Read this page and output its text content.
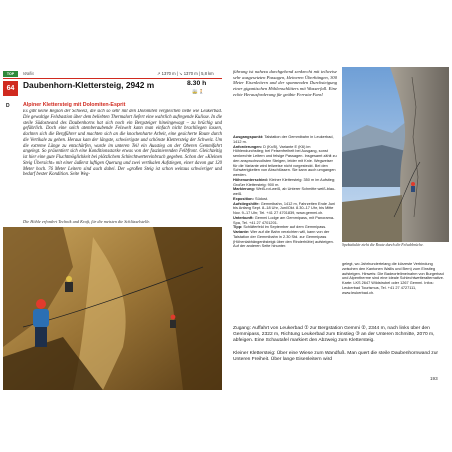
TOP	Wallis	↗ 1370 m | ↘ 1370 m | 5,8 km
64	Daubenhorn-Klettersteig, 2942 m	8.30 h
🚋 🚶
D	Alpiner Klettersteig mit Dolomiten-Esprit
Es gibt keine Region der Schweiz, die sich so sehr mit den Dolomiten vergleichen ließe wie Leukerbad. Die gewaltige Felsbastion über dem beliebten Thermalort liefert eine wahrlich aufregende Kulisse. In die steile Südostwand des Daubenhorns hat sich noch ein Bergsteiger hineingewagt – zu brüchig und gefährlich. Doch eine solch atemberaubende Felswelt kann man einfach nicht brachliegen lassen, dachten sich die Bergführer und machten sich an die knochenharte Arbeit, eine gesicherte Route durch die Vertikale zu gehen. Heraus kam der längste, schwierigste und schönste Klettersteig der Schweiz. Um die extreme Länge zu entschärfen, wurde im unteren Teil ein Ausstieg an der Oberen Gemmifahrt angelegt. So präsentiert sich eine Konditionsstarke etwas von der faszinierenden Felbfront. Gleichzeitig ist hier eine gute Fluchtmöglichkeit bei plötzlichem Schlechtwettereinbruch gegeben. Schon der »Kleinen Steig Übersicht« mit einer äußerst luftigen Querung und zwei vertikalen Aufstiegen, einer davon gut 120 Meter hoch. 76 Meter Leitern sind auch dabei. Der »großen Steig ist schon weitaus schwieriger und bedarf bester Kondition. Seite Weg-
Die Höhle erfordert Technik und Kraft, für die meisten die Schlüsselstelle.
führung ist nahezu durchgehend senkrecht mit teilweise sehr ausgesetzten Passagen, kleineren Überhängen, 300 Meter Eisenleitern und der spannenden Durchsteigung einer gigantischen Höhlenschlitters mit Wasserfall. Eine echte Herausforderung für geübte Ferrata-Fans!
Ausgangspunkt: Talstation der Gemmibahn in Leukerbad, 1412 m.
Anforderungen: D (Kx/5), Variante E (K6) im Höhlendurchstieg; bei Felsenfreiheit bei Ausgang, sonst senkrechte Leitern und felsige Passagen. Insgesamt zählt zu den anspruchsvollsten Steigen, leider mit Knie. Wegweiser für die Variante wird teilweise nicht vorgesteckt. Bei den Schwierigkeiten von Abschlüssen. Sie kann auch umgangen werden.
Höhenunterschied: Kleiner Klettersteig: 350 m im Aufstieg; Großer Klettersteig: 900 m.
Markierung: Weiß-rot-weiß, ab Unterer Schmitte weiß-blau-weiß.
Exposition: Südost.
Aufstiegshilfe: Gemmibahn, 1412 m, Fahrzeiten Ende Juni bis Anfang Sept. 8–18 Uhr, Juni/Okt. 8.30–17 Uhr, bis Mitte Nov. 9–17 Uhr, Tel. +41 27 4701839, www.gemmi.ch.
Unterkunft: Gemmi Lodge am Gemmipass, mit Panorama-Spa, Tel. +41 27 4701201.
Tipp: Schläferfeld im September auf dem Gemmipass.
Variante: Wer auf die Bahn verzichten will, kann von der Talstation der Gemmibahn in 2.30 Std. zur Gemmipass (Höhenlabhängenitsteigk über den Rinderhütte) aufsteigen. Auf der anderen Seite hinunter.	Spektakulär zieht die Route durch die Felsabbrüche.
gelegt, wo Jahrhundertelang die kürzeste Verbindung zwischen den Kantonen Wallis und Bern) zum Einstieg aufsteigen. Hinweis: Die Badeortelimeinahm von Burgerbad und Alpentherme sind eine ideale Schlechtwetteralternative. Karte: LKS 2647 Wildstrubel oder 1267 Gemmi. Infos: Leukerbad Tourismus, Tel. +41 27 4727111, www.leukerbad.ch.
Zugang: Auffahrt von Leukerbad ① zur Bergstation Gemmi ②, 2344 m, nach links über den Gemmipass, 2322 m, Richtung Leukerbad zum Einstieg ③ an der Unteren Schmitte, 2070 m, abfeigen. Eine Schautafel markiert den Abzweig zum Klettersteig.
Kleiner Klettersteig: Über eine Wiese zum Wandfuß. Man quert die steile Daubenhornwand zur Unteren Freiheit. Über lange Eisenleitern wird
193
